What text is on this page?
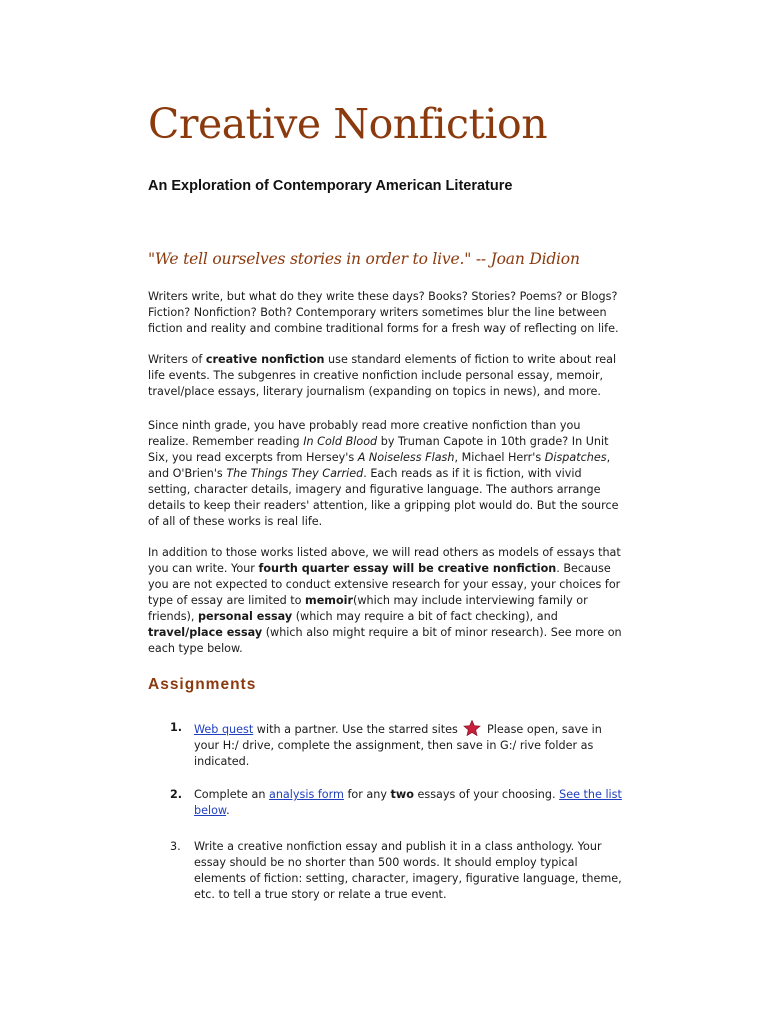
Creative Nonfiction
An Exploration of Contemporary American Literature
"We tell ourselves stories in order to live." -- Joan Didion

Writers write, but what do they write these days? Books? Stories? Poems? or Blogs? Fiction? Nonfiction? Both? Contemporary writers sometimes blur the line between fiction and reality and combine traditional forms for a fresh way of reflecting on life.

Writers of creative nonfiction use standard elements of fiction to write about real life events. The subgenres in creative nonfiction include personal essay, memoir, travel/place essays, literary journalism (expanding on topics in news), and more.

Since ninth grade, you have probably read more creative nonfiction than you realize. Remember reading In Cold Blood by Truman Capote in 10th grade? In Unit Six, you read excerpts from Hersey's A Noiseless Flash, Michael Herr's Dispatches, and O'Brien's The Things They Carried. Each reads as if it is fiction, with vivid setting, character details, imagery and figurative language. The authors arrange details to keep their readers' attention, like a gripping plot would do. But the source of all of these works is real life.

In addition to those works listed above, we will read others as models of essays that you can write. Your fourth quarter essay will be creative nonfiction. Because you are not expected to conduct extensive research for your essay, your choices for type of essay are limited to memoir(which may include interviewing family or friends), personal essay (which may require a bit of fact checking), and travel/place essay (which also might require a bit of minor research). See more on each type below.

Assignments
1. Web quest with a partner. Use the starred sites  Please open, save in your H:/ drive, complete the assignment, then save in G:/ rive folder as indicated.
2. Complete an analysis form for any two essays of your choosing. See the list below.
3. Write a creative nonfiction essay and publish it in a class anthology. Your essay should be no shorter than 500 words. It should employ typical elements of fiction: setting, character, imagery, figurative language, theme, etc. to tell a true story or relate a true event.
